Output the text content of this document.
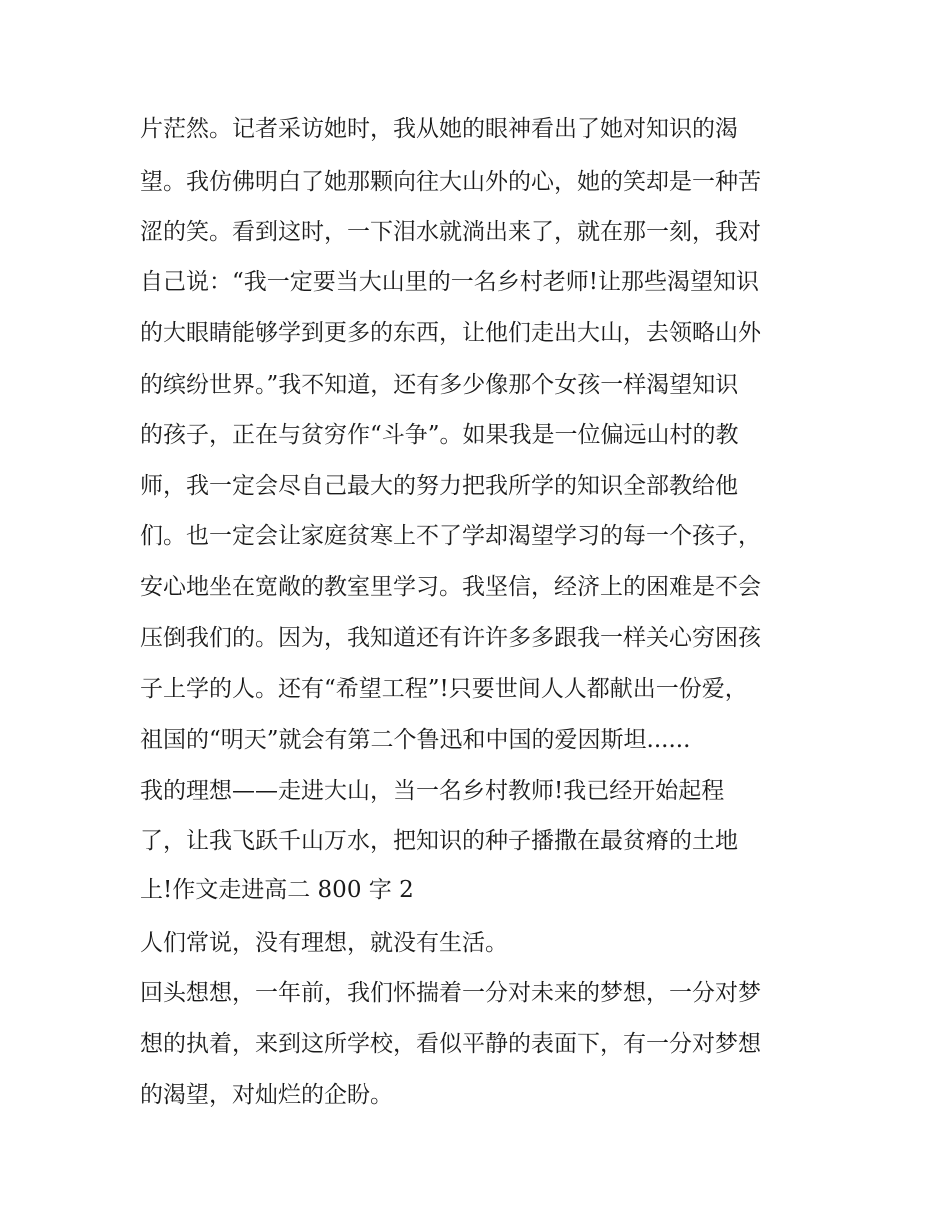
片茫然。记者采访她时，我从她的眼神看出了她对知识的渴
望。我仿佛明白了她那颗向往大山外的心，她的笑却是一种苦
涩的笑。看到这时，一下泪水就淌出来了，就在那一刻，我对
自己说：“我一定要当大山里的一名乡村老师!让那些渴望知识
的大眼睛能够学到更多的东西，让他们走出大山，去领略山外
的缤纷世界。”我不知道，还有多少像那个女孩一样渴望知识
的孩子，正在与贫穷作“斗争”。如果我是一位偏远山村的教
师，我一定会尽自己最大的努力把我所学的知识全部教给他
们。也一定会让家庭贫寒上不了学却渴望学习的每一个孩子，
安心地坐在宽敞的教室里学习。我坚信，经济上的困难是不会
压倒我们的。因为，我知道还有许许多多跟我一样关心穷困孩
子上学的人。还有“希望工程”!只要世间人人都献出一份爱，
祖国的“明天”就会有第二个鲁迅和中国的爱因斯坦......
我的理想——走进大山，当一名乡村教师!我已经开始起程
了，让我飞跃千山万水，把知识的种子播撒在最贫瘠的土地
上!作文走进高二 800 字 2
人们常说，没有理想，就没有生活。
回头想想，一年前，我们怀揣着一分对未来的梦想，一分对梦
想的执着，来到这所学校，看似平静的表面下，有一分对梦想
的渴望，对灿烂的企盼。
